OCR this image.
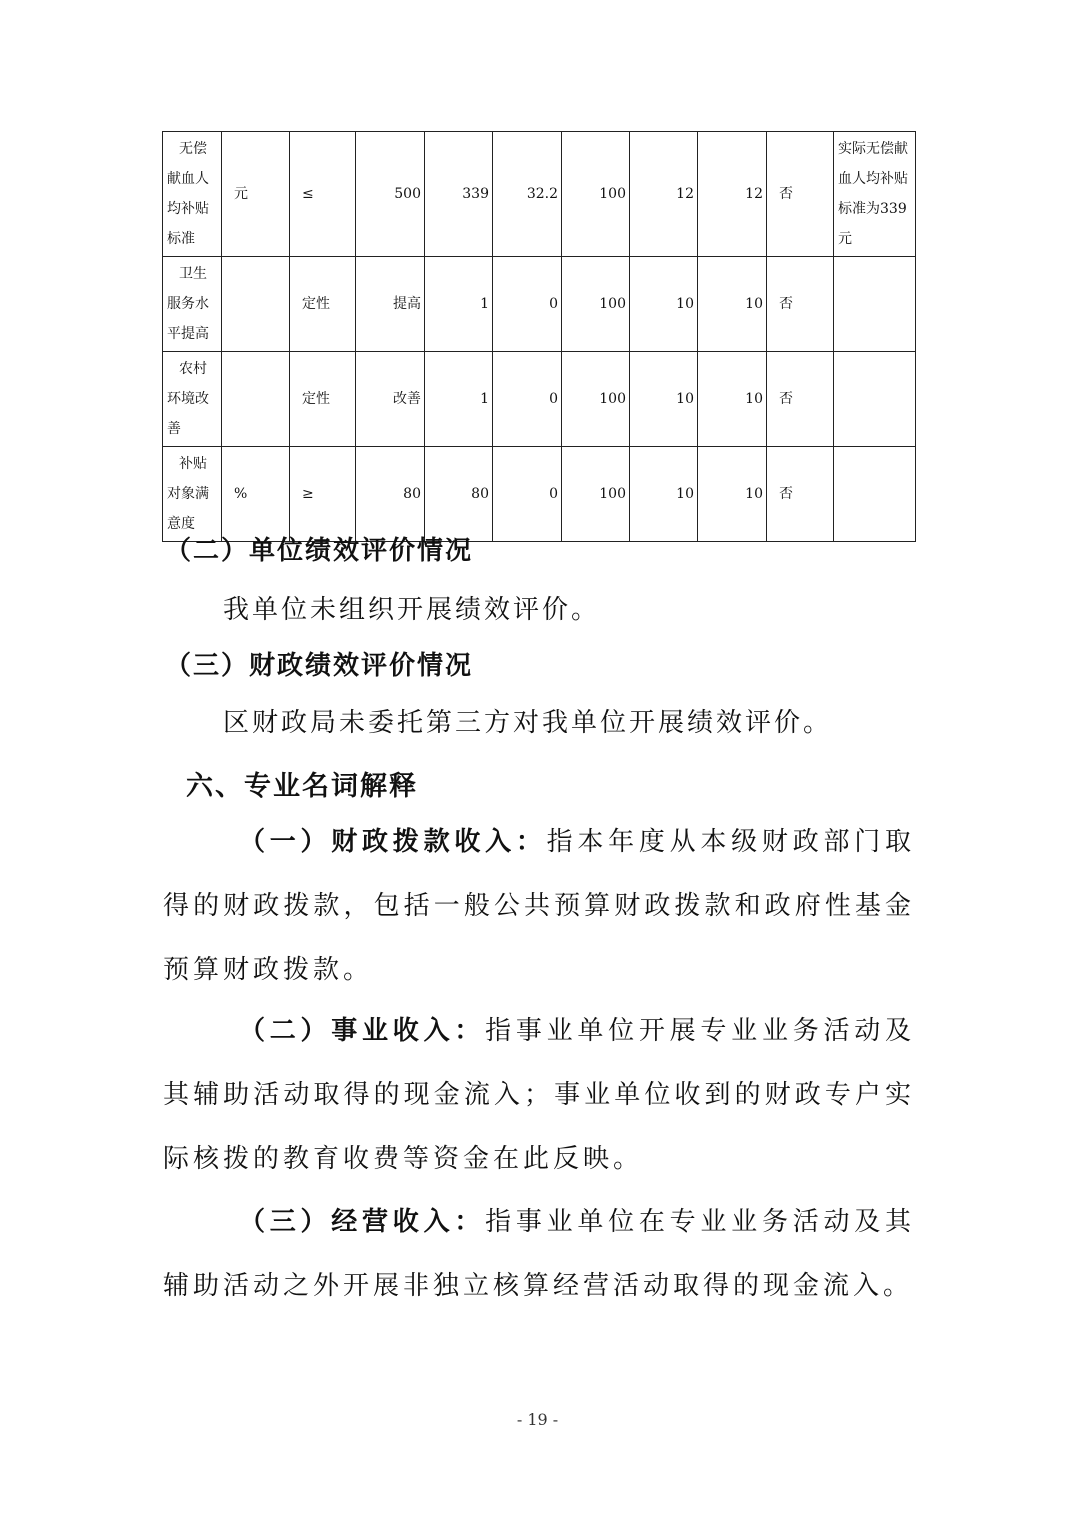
无偿献血人均补贴标准	元	≤	500	339	32.2	100	12	12	否	实际无偿献血人均补贴标准为339元
卫生服务水平提高		定性	提高	1	0	100	10	10	否	
农村环境改善		定性	改善	1	0	100	10	10	否	
补贴对象满意度	%	≥	80	80	0	100	10	10	否	
（二）单位绩效评价情况
我单位未组织开展绩效评价。
（三）财政绩效评价情况
区财政局未委托第三方对我单位开展绩效评价。
六、专业名词解释
（一）财政拨款收入：指本年度从本级财政部门取得的财政拨款，包括一般公共预算财政拨款和政府性基金预算财政拨款。
（二）事业收入：指事业单位开展专业业务活动及其辅助活动取得的现金流入；事业单位收到的财政专户实际核拨的教育收费等资金在此反映。
（三）经营收入：指事业单位在专业业务活动及其辅助活动之外开展非独立核算经营活动取得的现金流入。
- 19 -
